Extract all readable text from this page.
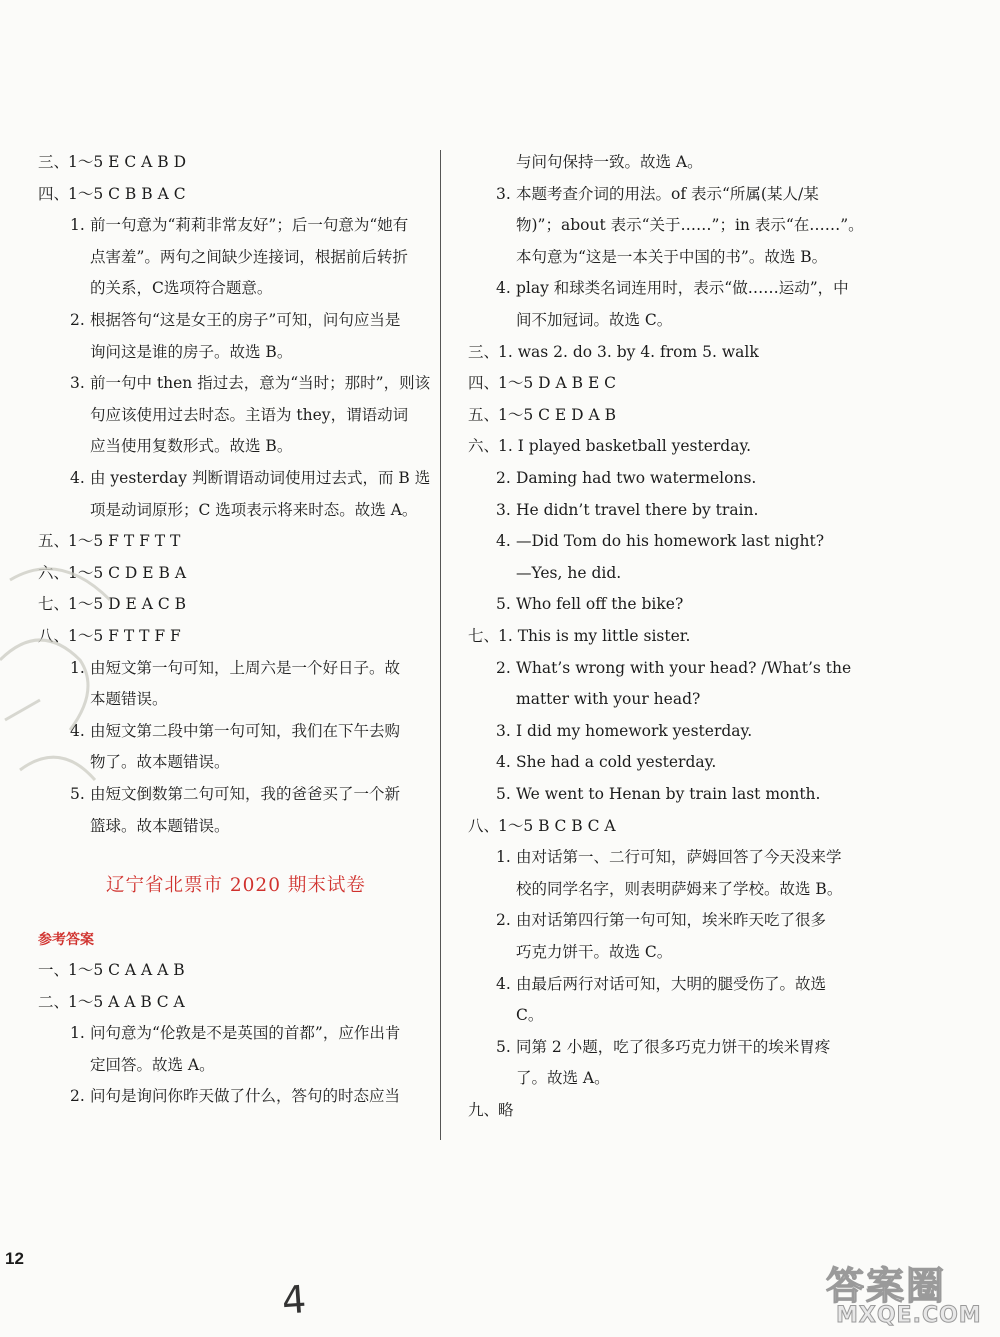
三、
1～5 E C A B D
四、
1～5 C B B A C
1. 前一句意为“莉莉非常友好”；后一句意为“她有
点害羞”。两句之间缺少连接词，根据前后转折
的关系，C选项符合题意。
2. 根据答句“这是女王的房子”可知，问句应当是
询问这是谁的房子。故选 B。
3. 前一句中 then 指过去，意为“当时；那时”，则该
句应该使用过去时态。主语为 they，谓语动词
应当使用复数形式。故选 B。
4. 由 yesterday 判断谓语动词使用过去式，而 B 选
项是动词原形；C 选项表示将来时态。故选 A。
五、
1～5 F T F T T
六、
1～5 C D E B A
七、
1～5 D E A C B
八、
1～5 F T T F F
1. 由短文第一句可知，上周六是一个好日子。故
本题错误。
4. 由短文第二段中第一句可知，我们在下午去购
物了。故本题错误。
5. 由短文倒数第二句可知，我的爸爸买了一个新
篮球。故本题错误。
一、
1～5 C A A A B
二、
1～5 A A B C A
1. 问句意为“伦敦是不是英国的首都”，应作出肯
定回答。故选 A。
2. 问句是询问你昨天做了什么，答句的时态应当
与问句保持一致。故选 A。
3. 本题考查介词的用法。of 表示“所属(某人/某
物)”；about 表示“关于……”；in 表示“在……”。
本句意为“这是一本关于中国的书”。故选 B。
4. play 和球类名词连用时，表示“做……运动”，中
间不加冠词。故选 C。
三、
1. was 2. do 3. by 4. from 5. walk
四、
1～5 D A B E C
五、
1～5 C E D A B
六、
1. I played basketball yesterday.
2. Daming had two watermelons.
3. He didn’t travel there by train.
4. —Did Tom do his homework last night?
—Yes, he did.
5. Who fell off the bike?
七、
1. This is my little sister.
2. What’s wrong with your head? /What’s the
matter with your head?
3. I did my homework yesterday.
4. She had a cold yesterday.
5. We went to Henan by train last month.
八、
1～5 B C B C A
1. 由对话第一、二行可知，萨姆回答了今天没来学
校的同学名字，则表明萨姆来了学校。故选 B。
2. 由对话第四行第一句可知，埃米昨天吃了很多
巧克力饼干。故选 C。
4. 由最后两行对话可知，大明的腿受伤了。故选
C。
5. 同第 2 小题，吃了很多巧克力饼干的埃米胃疼
了。故选 A。
九、
略
辽宁省北票市 2020 期末试卷
参考答案
12
4	答案圈
MXQE.COM
